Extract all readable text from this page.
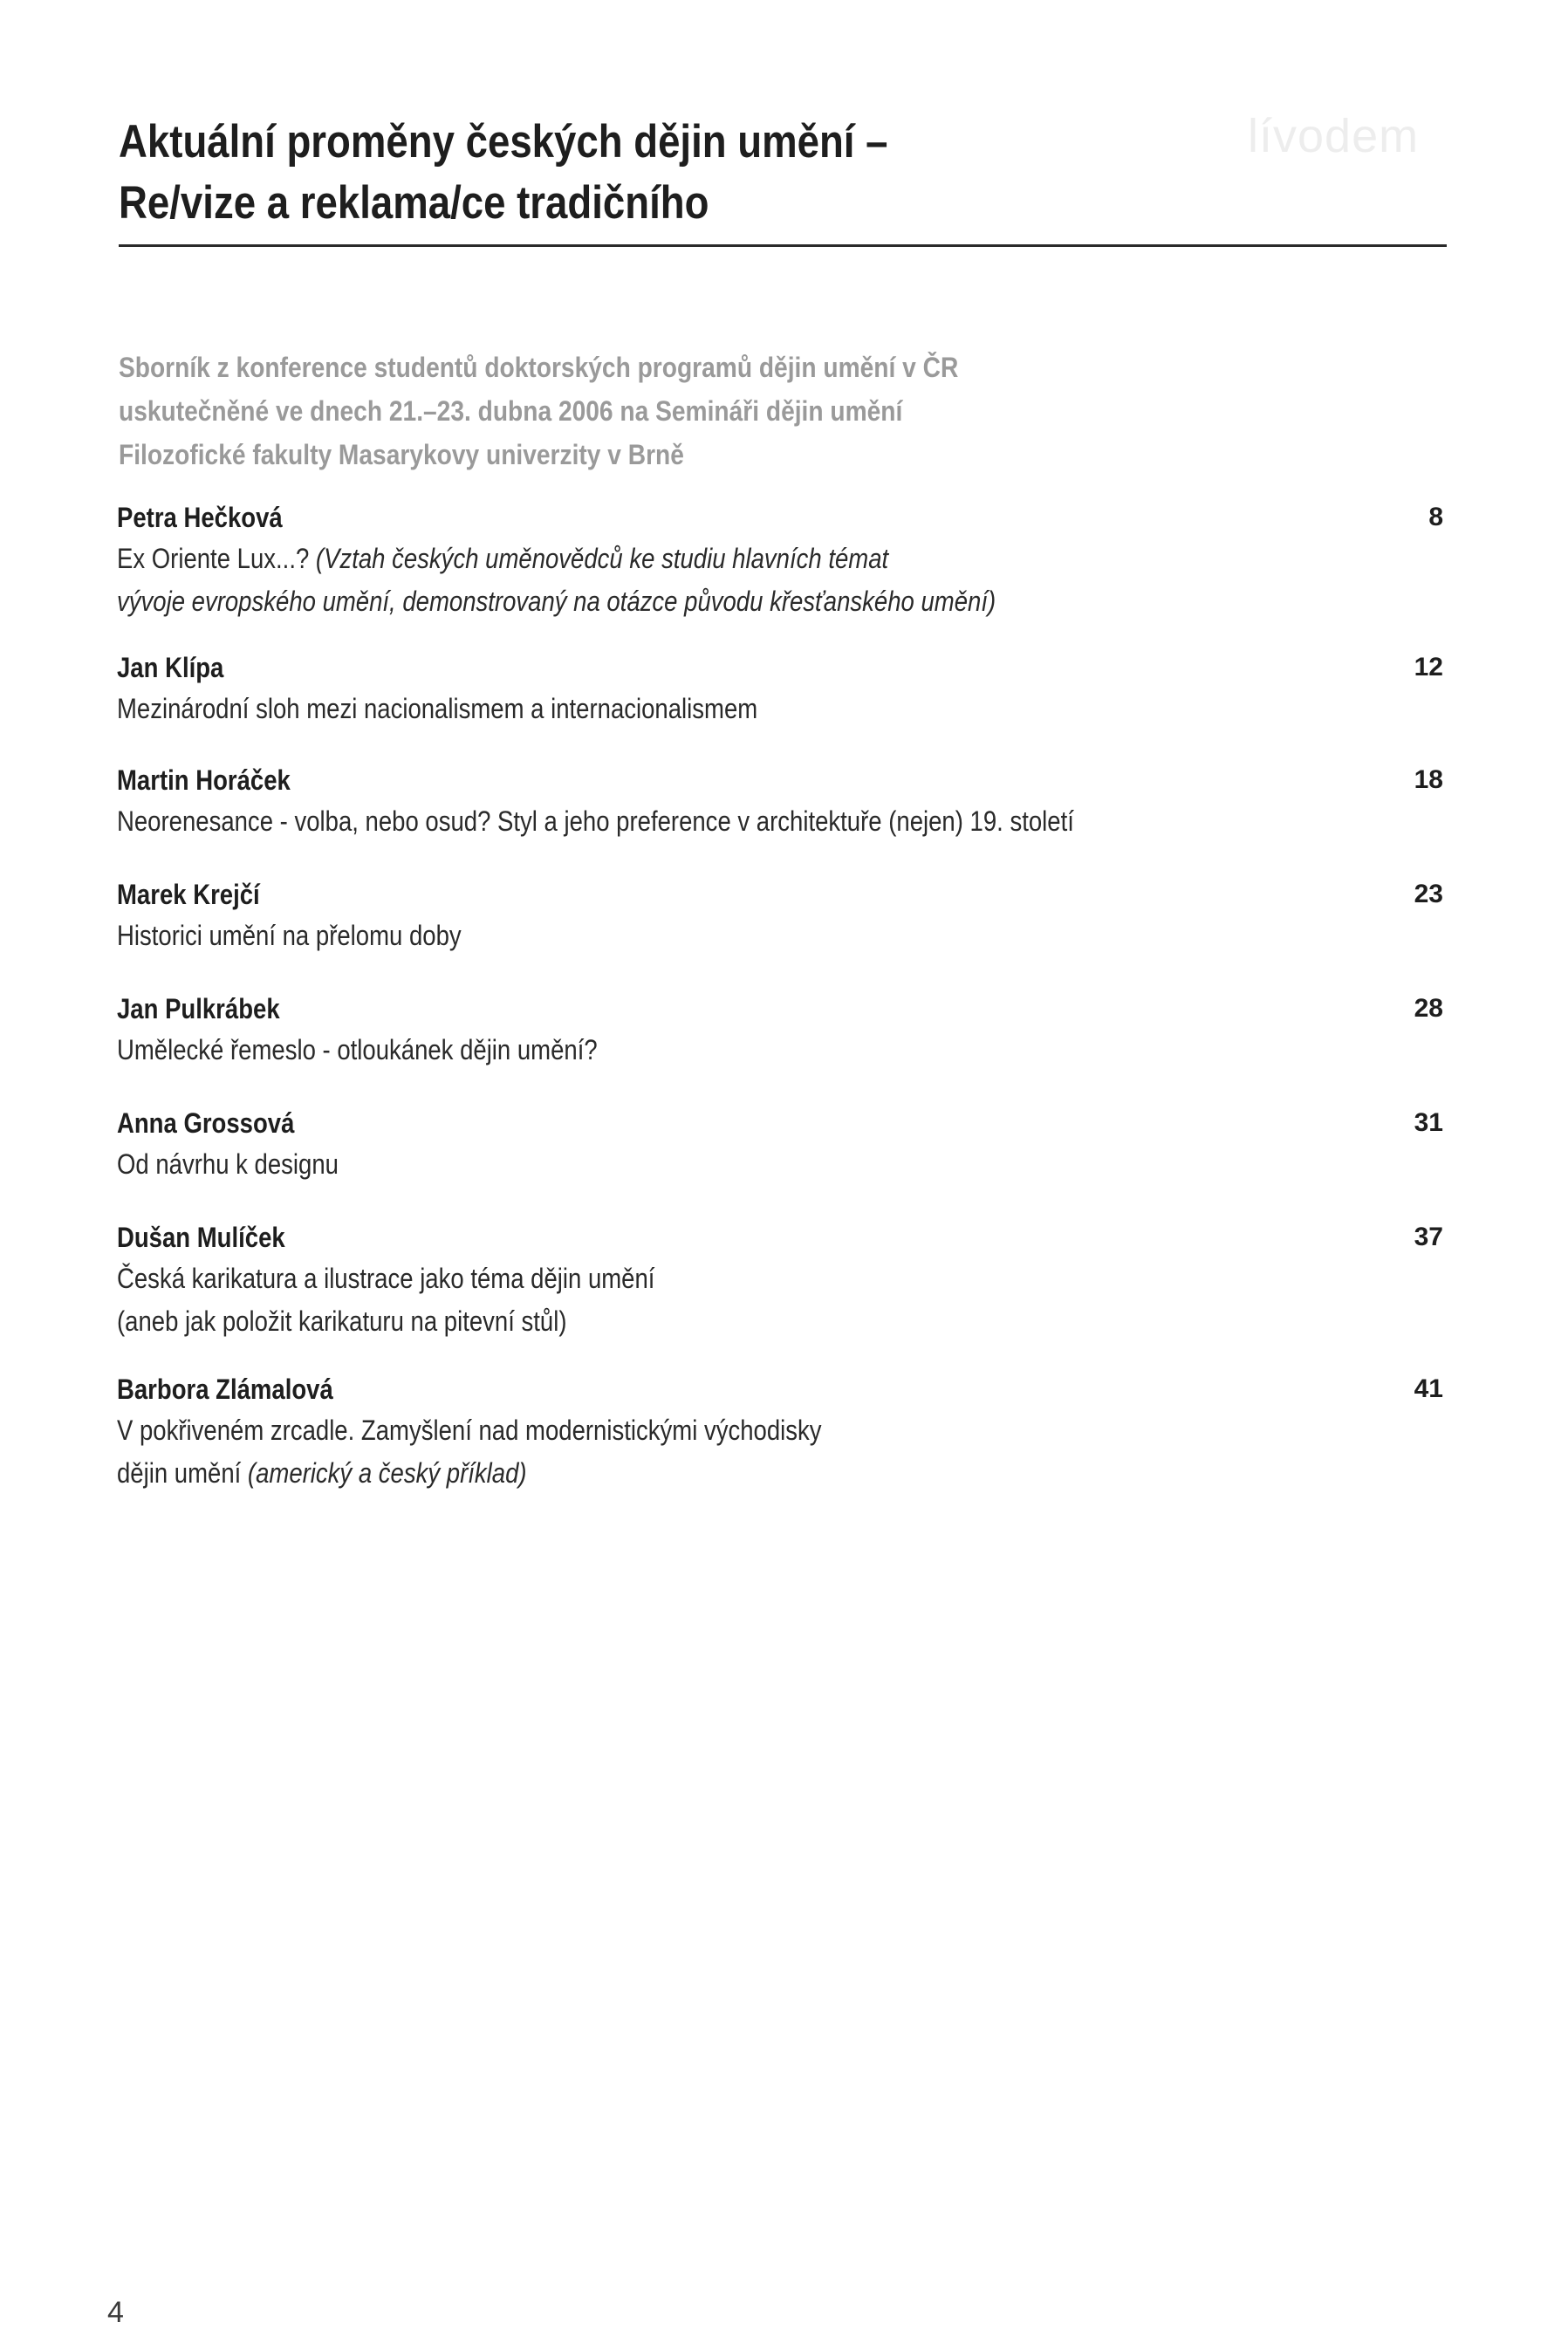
lívodem
Aktuální proměny českých dějin umění –
Re/vize a reklama/ce tradičního
Sborník z konference studentů doktorských programů dějin umění v ČR
uskutečněné ve dnech 21.–23. dubna 2006 na Semináři dějin umění
Filozofické fakulty Masarykovy univerzity v Brně
Petra Hečková	8
Ex Oriente Lux...? (Vztah českých uměnovědců ke studiu hlavních témat
vývoje evropského umění, demonstrovaný na otázce původu křesťanského umění)
Jan Klípa	12
Mezinárodní sloh mezi nacionalismem a internacionalismem
Martin Horáček	18
Neorenesance - volba, nebo osud? Styl a jeho preference v architektuře (nejen) 19. století
Marek Krejčí	23
Historici umění na přelomu doby
Jan Pulkrábek	28
Umělecké řemeslo - otloukánek dějin umění?
Anna Grossová	31
Od návrhu k designu
Dušan Mulíček	37
Česká karikatura a ilustrace jako téma dějin umění
(aneb jak položit karikaturu na pitevní stůl)
Barbora Zlámalová	41
V pokřiveném zrcadle. Zamyšlení nad modernistickými východisky
dějin umění (americký a český příklad)
4
